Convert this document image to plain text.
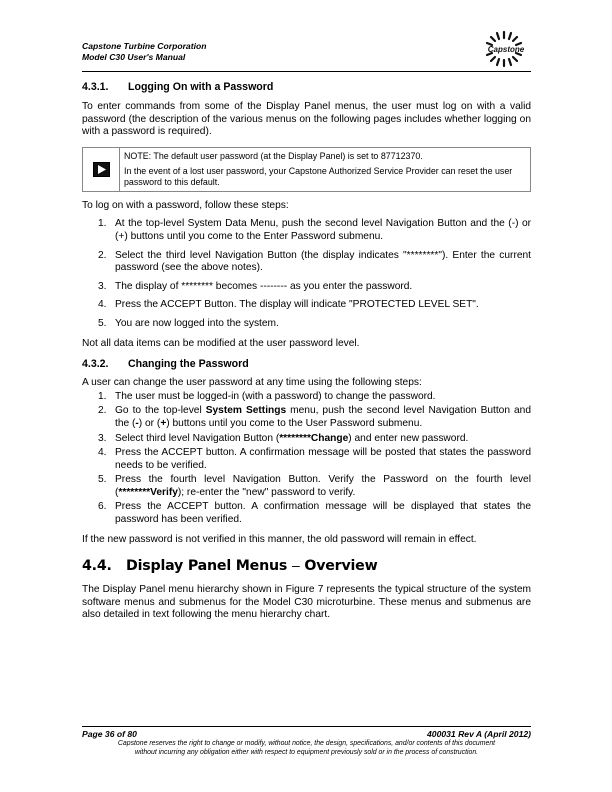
Capstone Turbine Corporation
Model C30 User's Manual
Capstone
4.3.1. Logging On with a Password

To enter commands from some of the Display Panel menus, the user must log on with a valid password (the description of the various menus on the following pages includes whether logging on with a password is required).

NOTE: The default user password (at the Display Panel) is set to 87712370.

In the event of a lost user password, your Capstone Authorized Service Provider can reset the user password to this default.

To log on with a password, follow these steps:

1. At the top-level System Data Menu, push the second level Navigation Button and the (-) or (+) buttons until you come to the Enter Password submenu.
2. Select the third level Navigation Button (the display indicates "********"). Enter the current password (see the above notes).
3. The display of ******** becomes -------- as you enter the password.
4. Press the ACCEPT Button. The display will indicate "PROTECTED LEVEL SET".
5. You are now logged into the system.

Not all data items can be modified at the user password level.

4.3.2. Changing the Password

A user can change the user password at any time using the following steps:

1. The user must be logged-in (with a password) to change the password.
2. Go to the top-level System Settings menu, push the second level Navigation Button and the (-) or (+) buttons until you come to the User Password submenu.
3. Select third level Navigation Button (********Change) and enter new password.
4. Press the ACCEPT button. A confirmation message will be posted that states the password needs to be verified.
5. Press the fourth level Navigation Button. Verify the Password on the fourth level (********Verify); re-enter the "new" password to verify.
6. Press the ACCEPT button. A confirmation message will be displayed that states the password has been verified.

If the new password is not verified in this manner, the old password will remain in effect.

4.4. Display Panel Menus – Overview

The Display Panel menu hierarchy shown in Figure 7 represents the typical structure of the system software menus and submenus for the Model C30 microturbine. These menus and submenus are also detailed in text following the menu hierarchy chart.

Page 36 of 80	400031 Rev A (April 2012)
Capstone reserves the right to change or modify, without notice, the design, specifications, and/or contents of this document
without incurring any obligation either with respect to equipment previously sold or in the process of construction.
